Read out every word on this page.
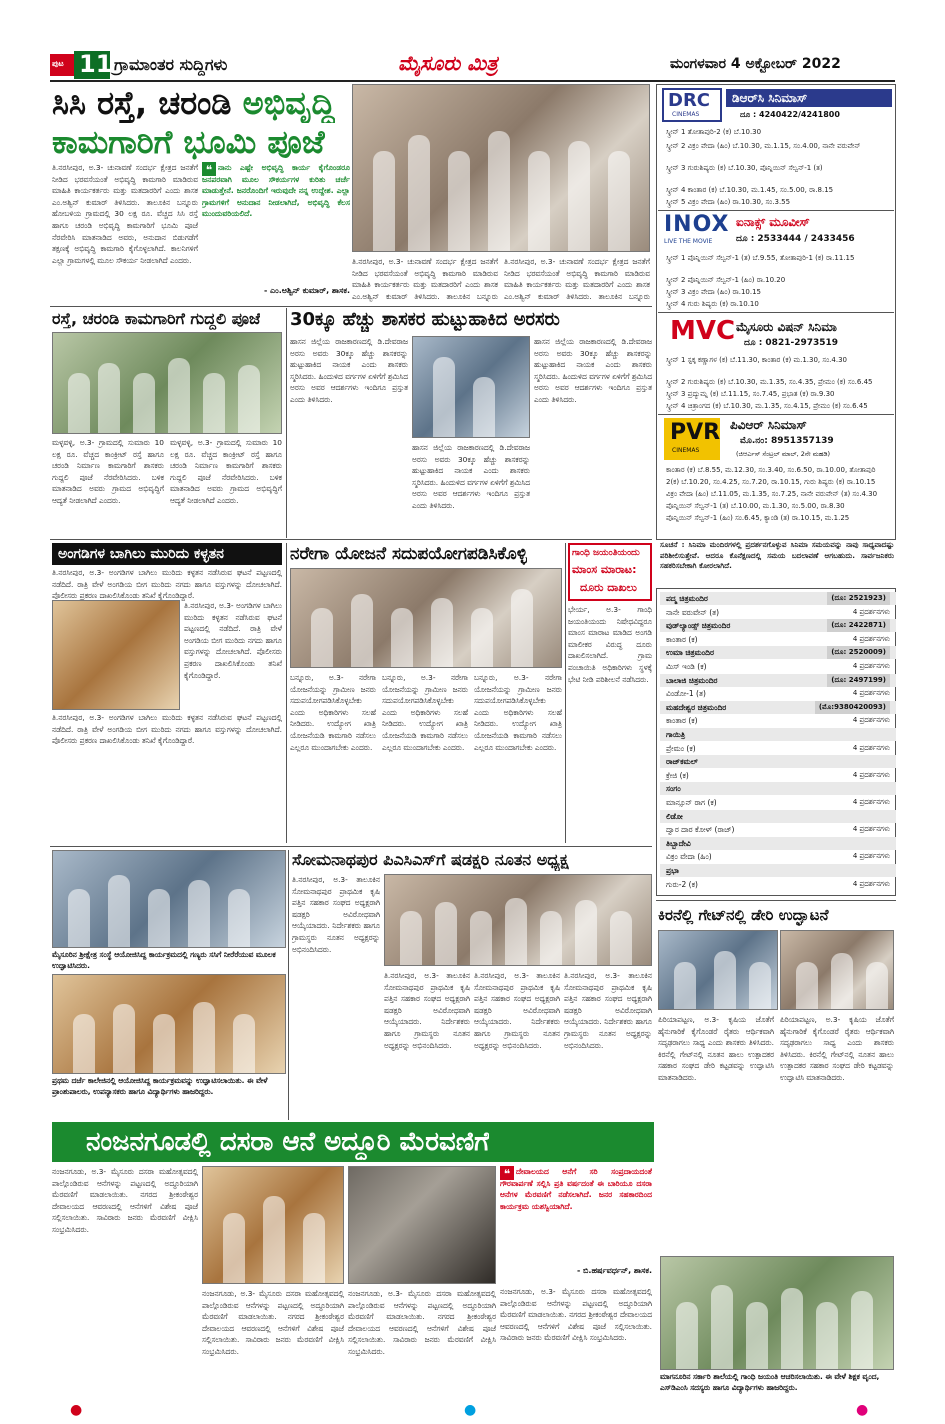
ಪುಟ 11 ಗ್ರಾಮಾಂತರ ಸುದ್ದಿಗಳು	ಮೈಸೂರು ಮಿತ್ರ	ಮಂಗಳವಾರ 4 ಅಕ್ಟೋಬರ್ 2022
ಸಿಸಿ ರಸ್ತೆ, ಚರಂಡಿ ಅಭಿವೃದ್ಧಿ
ಕಾಮಗಾರಿಗೆ ಭೂಮಿ ಪೂಜೆ
ತಿ.ನರಸೀಪುರ, ಅ.3- ಚುನಾವಣೆ ಸಂದರ್ಭ ಕ್ಷೇತ್ರದ ಜನತೆಗೆ ನೀಡಿದ ಭರವಸೆಯಂತೆ ಅಭಿವೃದ್ಧಿ ಕಾಮಗಾರಿ ಮಾಡಿರುವ ಮಾಹಿತಿ ಕಾರ್ಯಕರ್ತರು ಮತ್ತು ಮತದಾರರಿಗೆ ಎಂದು ಶಾಸಕ ಎಂ.ಅಶ್ವಿನ್ ಕುಮಾರ್ ತಿಳಿಸಿದರು. ತಾಲೂಕಿನ ಬನ್ನೂರು ಹೋಬಳಿಯ ಗ್ರಾಮದಲ್ಲಿ 30 ಲಕ್ಷ ರೂ. ವೆಚ್ಚದ ಸಿಸಿ ರಸ್ತೆ ಹಾಗೂ ಚರಂಡಿ ಅಭಿವೃದ್ಧಿ ಕಾಮಗಾರಿಗೆ ಭೂಮಿ ಪೂಜೆ ನೆರವೇರಿಸಿ ಮಾತನಾಡಿದ ಅವರು, ಅನುದಾನ ಬಿಡುಗಡೆಗೆ ತಕ್ಷಣಕ್ಕೆ ಅಭಿವೃದ್ಧಿ ಕಾಮಗಾರಿ ಕೈಗೊಳ್ಳಲಾಗಿದೆ. ಕಾಲನಿಗಳಿಗೆ ಎಲ್ಲಾ ಗ್ರಾಮಗಳಲ್ಲಿ ಮೂಲ ಸೌಕರ್ಯ ನೀಡಲಾಗಿದೆ ಎಂದರು.
❝ ನಾನು ಎಷ್ಟೇ ಅಭಿವೃದ್ಧಿ ಕಾರ್ಯ ಕೈಗೊಂಡರೂ ಜನಪರವಾಗಿ ಮೂಲ ಸೌಕರ್ಯಗಳ ಕುರಿತು ಚರ್ಚೆ ಮಾಡುತ್ತೇನೆ. ಜನರೊಂದಿಗೆ ಇರುವುದೇ ನನ್ನ ಉದ್ದೇಶ. ಎಲ್ಲಾ ಗ್ರಾಮಗಳಿಗೆ ಅನುದಾನ ನೀಡಲಾಗಿದೆ, ಅಭಿವೃದ್ಧಿ ಕೆಲಸ ಮುಂದುವರಿಯಲಿದೆ.
- ಎಂ.ಅಶ್ವಿನ್ ಕುಮಾರ್, ಶಾಸಕ.
ತಿ.ನರಸೀಪುರ, ಅ.3- ಚುನಾವಣೆ ಸಂದರ್ಭ ಕ್ಷೇತ್ರದ ಜನತೆಗೆ ನೀಡಿದ ಭರವಸೆಯಂತೆ ಅಭಿವೃದ್ಧಿ ಕಾಮಗಾರಿ ಮಾಡಿರುವ ಮಾಹಿತಿ ಕಾರ್ಯಕರ್ತರು ಮತ್ತು ಮತದಾರರಿಗೆ ಎಂದು ಶಾಸಕ ಎಂ.ಅಶ್ವಿನ್ ಕುಮಾರ್ ತಿಳಿಸಿದರು. ತಾಲೂಕಿನ ಬನ್ನೂರು
ತಿ.ನರಸೀಪುರ, ಅ.3- ಚುನಾವಣೆ ಸಂದರ್ಭ ಕ್ಷೇತ್ರದ ಜನತೆಗೆ ನೀಡಿದ ಭರವಸೆಯಂತೆ ಅಭಿವೃದ್ಧಿ ಕಾಮಗಾರಿ ಮಾಡಿರುವ ಮಾಹಿತಿ ಕಾರ್ಯಕರ್ತರು ಮತ್ತು ಮತದಾರರಿಗೆ ಎಂದು ಶಾಸಕ ಎಂ.ಅಶ್ವಿನ್ ಕುಮಾರ್ ತಿಳಿಸಿದರು. ತಾಲೂಕಿನ ಬನ್ನೂರು
ರಸ್ತೆ, ಚರಂಡಿ ಕಾಮಗಾರಿಗೆ ಗುದ್ದಲಿ ಪೂಜೆ
ಮಳ್ಳವಳ್ಳಿ, ಅ.3- ಗ್ರಾಮದಲ್ಲಿ ಸುಮಾರು 10 ಲಕ್ಷ ರೂ. ವೆಚ್ಚದ ಕಾಂಕ್ರೀಟ್ ರಸ್ತೆ ಹಾಗೂ ಚರಂಡಿ ನಿರ್ಮಾಣ ಕಾಮಗಾರಿಗೆ ಶಾಸಕರು ಗುದ್ದಲಿ ಪೂಜೆ ನೆರವೇರಿಸಿದರು. ಬಳಿಕ ಮಾತನಾಡಿದ ಅವರು ಗ್ರಾಮದ ಅಭಿವೃದ್ಧಿಗೆ ಆದ್ಯತೆ ನೀಡಲಾಗಿದೆ ಎಂದರು.
ಮಳ್ಳವಳ್ಳಿ, ಅ.3- ಗ್ರಾಮದಲ್ಲಿ ಸುಮಾರು 10 ಲಕ್ಷ ರೂ. ವೆಚ್ಚದ ಕಾಂಕ್ರೀಟ್ ರಸ್ತೆ ಹಾಗೂ ಚರಂಡಿ ನಿರ್ಮಾಣ ಕಾಮಗಾರಿಗೆ ಶಾಸಕರು ಗುದ್ದಲಿ ಪೂಜೆ ನೆರವೇರಿಸಿದರು. ಬಳಿಕ ಮಾತನಾಡಿದ ಅವರು ಗ್ರಾಮದ ಅಭಿವೃದ್ಧಿಗೆ ಆದ್ಯತೆ ನೀಡಲಾಗಿದೆ ಎಂದರು.
30ಕ್ಕೂ ಹೆಚ್ಚು ಶಾಸಕರ ಹುಟ್ಟುಹಾಕಿದ ಅರಸರು
ಹಾಸನ ಜಿಲ್ಲೆಯ ರಾಜಕಾರಣದಲ್ಲಿ ಡಿ.ದೇವರಾಜ ಅರಸು ಅವರು 30ಕ್ಕೂ ಹೆಚ್ಚು ಶಾಸಕರನ್ನು ಹುಟ್ಟುಹಾಕಿದ ನಾಯಕ ಎಂದು ಶಾಸಕರು ಸ್ಮರಿಸಿದರು. ಹಿಂದುಳಿದ ವರ್ಗಗಳ ಏಳಿಗೆಗೆ ಶ್ರಮಿಸಿದ ಅರಸು ಅವರ ಆದರ್ಶಗಳು ಇಂದಿಗೂ ಪ್ರಸ್ತುತ ಎಂದು ತಿಳಿಸಿದರು.
ಹಾಸನ ಜಿಲ್ಲೆಯ ರಾಜಕಾರಣದಲ್ಲಿ ಡಿ.ದೇವರಾಜ ಅರಸು ಅವರು 30ಕ್ಕೂ ಹೆಚ್ಚು ಶಾಸಕರನ್ನು ಹುಟ್ಟುಹಾಕಿದ ನಾಯಕ ಎಂದು ಶಾಸಕರು ಸ್ಮರಿಸಿದರು. ಹಿಂದುಳಿದ ವರ್ಗಗಳ ಏಳಿಗೆಗೆ ಶ್ರಮಿಸಿದ ಅರಸು ಅವರ ಆದರ್ಶಗಳು ಇಂದಿಗೂ ಪ್ರಸ್ತುತ ಎಂದು ತಿಳಿಸಿದರು.
ಹಾಸನ ಜಿಲ್ಲೆಯ ರಾಜಕಾರಣದಲ್ಲಿ ಡಿ.ದೇವರಾಜ ಅರಸು ಅವರು 30ಕ್ಕೂ ಹೆಚ್ಚು ಶಾಸಕರನ್ನು ಹುಟ್ಟುಹಾಕಿದ ನಾಯಕ ಎಂದು ಶಾಸಕರು ಸ್ಮರಿಸಿದರು. ಹಿಂದುಳಿದ ವರ್ಗಗಳ ಏಳಿಗೆಗೆ ಶ್ರಮಿಸಿದ ಅರಸು ಅವರ ಆದರ್ಶಗಳು ಇಂದಿಗೂ ಪ್ರಸ್ತುತ ಎಂದು ತಿಳಿಸಿದರು.
ಅಂಗಡಿಗಳ ಬಾಗಿಲು ಮುರಿದು ಕಳ್ಳತನ
ತಿ.ನರಸೀಪುರ, ಅ.3- ಅಂಗಡಿಗಳ ಬಾಗಿಲು ಮುರಿದು ಕಳ್ಳತನ ನಡೆಸಿರುವ ಘಟನೆ ಪಟ್ಟಣದಲ್ಲಿ ನಡೆದಿದೆ. ರಾತ್ರಿ ವೇಳೆ ಅಂಗಡಿಯ ಬೀಗ ಮುರಿದು ನಗದು ಹಾಗೂ ವಸ್ತುಗಳನ್ನು ದೋಚಲಾಗಿದೆ. ಪೊಲೀಸರು ಪ್ರಕರಣ ದಾಖಲಿಸಿಕೊಂಡು ತನಿಖೆ ಕೈಗೊಂಡಿದ್ದಾರೆ.
ತಿ.ನರಸೀಪುರ, ಅ.3- ಅಂಗಡಿಗಳ ಬಾಗಿಲು ಮುರಿದು ಕಳ್ಳತನ ನಡೆಸಿರುವ ಘಟನೆ ಪಟ್ಟಣದಲ್ಲಿ ನಡೆದಿದೆ. ರಾತ್ರಿ ವೇಳೆ ಅಂಗಡಿಯ ಬೀಗ ಮುರಿದು ನಗದು ಹಾಗೂ ವಸ್ತುಗಳನ್ನು ದೋಚಲಾಗಿದೆ. ಪೊಲೀಸರು ಪ್ರಕರಣ ದಾಖಲಿಸಿಕೊಂಡು ತನಿಖೆ ಕೈಗೊಂಡಿದ್ದಾರೆ.
ತಿ.ನರಸೀಪುರ, ಅ.3- ಅಂಗಡಿಗಳ ಬಾಗಿಲು ಮುರಿದು ಕಳ್ಳತನ ನಡೆಸಿರುವ ಘಟನೆ ಪಟ್ಟಣದಲ್ಲಿ ನಡೆದಿದೆ. ರಾತ್ರಿ ವೇಳೆ ಅಂಗಡಿಯ ಬೀಗ ಮುರಿದು ನಗದು ಹಾಗೂ ವಸ್ತುಗಳನ್ನು ದೋಚಲಾಗಿದೆ. ಪೊಲೀಸರು ಪ್ರಕರಣ ದಾಖಲಿಸಿಕೊಂಡು ತನಿಖೆ ಕೈಗೊಂಡಿದ್ದಾರೆ.
ನರೇಗಾ ಯೋಜನೆ ಸದುಪಯೋಗಪಡಿಸಿಕೊಳ್ಳಿ
ಬನ್ನೂರು, ಅ.3- ನರೇಗಾ ಯೋಜನೆಯನ್ನು ಗ್ರಾಮೀಣ ಜನರು ಸದುಪಯೋಗಪಡಿಸಿಕೊಳ್ಳಬೇಕು ಎಂದು ಅಧಿಕಾರಿಗಳು ಸಲಹೆ ನೀಡಿದರು. ಉದ್ಯೋಗ ಖಾತ್ರಿ ಯೋಜನೆಯಡಿ ಕಾಮಗಾರಿ ನಡೆಸಲು ಎಲ್ಲರೂ ಮುಂದಾಗಬೇಕು ಎಂದರು.
ಬನ್ನೂರು, ಅ.3- ನರೇಗಾ ಯೋಜನೆಯನ್ನು ಗ್ರಾಮೀಣ ಜನರು ಸದುಪಯೋಗಪಡಿಸಿಕೊಳ್ಳಬೇಕು ಎಂದು ಅಧಿಕಾರಿಗಳು ಸಲಹೆ ನೀಡಿದರು. ಉದ್ಯೋಗ ಖಾತ್ರಿ ಯೋಜನೆಯಡಿ ಕಾಮಗಾರಿ ನಡೆಸಲು ಎಲ್ಲರೂ ಮುಂದಾಗಬೇಕು ಎಂದರು.
ಬನ್ನೂರು, ಅ.3- ನರೇಗಾ ಯೋಜನೆಯನ್ನು ಗ್ರಾಮೀಣ ಜನರು ಸದುಪಯೋಗಪಡಿಸಿಕೊಳ್ಳಬೇಕು ಎಂದು ಅಧಿಕಾರಿಗಳು ಸಲಹೆ ನೀಡಿದರು. ಉದ್ಯೋಗ ಖಾತ್ರಿ ಯೋಜನೆಯಡಿ ಕಾಮಗಾರಿ ನಡೆಸಲು ಎಲ್ಲರೂ ಮುಂದಾಗಬೇಕು ಎಂದರು.
ಗಾಂಧಿ ಜಯಂತಿಯಂದು
ಮಾಂಸ ಮಾರಾಟ:
ದೂರು ದಾಖಲು
ಭೇರ್ಯ, ಅ.3- ಗಾಂಧಿ ಜಯಂತಿಯಂದು ನಿಷೇಧವಿದ್ದರೂ ಮಾಂಸ ಮಾರಾಟ ಮಾಡಿದ ಅಂಗಡಿ ಮಾಲೀಕರ ವಿರುದ್ಧ ದೂರು ದಾಖಲಿಸಲಾಗಿದೆ. ಗ್ರಾಮ ಪಂಚಾಯಿತಿ ಅಧಿಕಾರಿಗಳು ಸ್ಥಳಕ್ಕೆ ಭೇಟಿ ನೀಡಿ ಪರಿಶೀಲನೆ ನಡೆಸಿದರು.
ಮೈಸೂರಿನ ಶ್ರೀಕ್ಷೇತ್ರ ಸಂಸ್ಥೆ ಆಯೋಜಿಸಿದ್ದ ಕಾರ್ಯಕ್ರಮದಲ್ಲಿ ಗಣ್ಯರು ಸಸಿಗೆ ನೀರೆರೆಯುವ ಮೂಲಕ ಉದ್ಘಾಟಿಸಿದರು.
ಪ್ರಥಮ ದರ್ಜೆ ಕಾಲೇಜಿನಲ್ಲಿ ಆಯೋಜಿಸಿದ್ದ ಕಾರ್ಯಕ್ರಮವನ್ನು ಉದ್ಘಾಟಿಸಲಾಯಿತು. ಈ ವೇಳೆ ಪ್ರಾಂಶುಪಾಲರು, ಉಪನ್ಯಾಸಕರು ಹಾಗೂ ವಿದ್ಯಾರ್ಥಿಗಳು ಹಾಜರಿದ್ದರು.
ಸೋಮನಾಥಪುರ ಪಿಎಸಿಎಸ್‌ಗೆ ಷಡಕ್ಷರಿ ನೂತನ ಅಧ್ಯಕ್ಷ
ತಿ.ನರಸೀಪುರ, ಅ.3- ತಾಲೂಕಿನ ಸೋಮನಾಥಪುರ ಪ್ರಾಥಮಿಕ ಕೃಷಿ ಪತ್ತಿನ ಸಹಕಾರ ಸಂಘದ ಅಧ್ಯಕ್ಷರಾಗಿ ಷಡಕ್ಷರಿ ಅವಿರೋಧವಾಗಿ ಆಯ್ಕೆಯಾದರು. ನಿರ್ದೇಶಕರು ಹಾಗೂ ಗ್ರಾಮಸ್ಥರು ನೂತನ ಅಧ್ಯಕ್ಷರನ್ನು ಅಭಿನಂದಿಸಿದರು.
ತಿ.ನರಸೀಪುರ, ಅ.3- ತಾಲೂಕಿನ ಸೋಮನಾಥಪುರ ಪ್ರಾಥಮಿಕ ಕೃಷಿ ಪತ್ತಿನ ಸಹಕಾರ ಸಂಘದ ಅಧ್ಯಕ್ಷರಾಗಿ ಷಡಕ್ಷರಿ ಅವಿರೋಧವಾಗಿ ಆಯ್ಕೆಯಾದರು. ನಿರ್ದೇಶಕರು ಹಾಗೂ ಗ್ರಾಮಸ್ಥರು ನೂತನ ಅಧ್ಯಕ್ಷರನ್ನು ಅಭಿನಂದಿಸಿದರು.
ತಿ.ನರಸೀಪುರ, ಅ.3- ತಾಲೂಕಿನ ಸೋಮನಾಥಪುರ ಪ್ರಾಥಮಿಕ ಕೃಷಿ ಪತ್ತಿನ ಸಹಕಾರ ಸಂಘದ ಅಧ್ಯಕ್ಷರಾಗಿ ಷಡಕ್ಷರಿ ಅವಿರೋಧವಾಗಿ ಆಯ್ಕೆಯಾದರು. ನಿರ್ದೇಶಕರು ಹಾಗೂ ಗ್ರಾಮಸ್ಥರು ನೂತನ ಅಧ್ಯಕ್ಷರನ್ನು ಅಭಿನಂದಿಸಿದರು.
ತಿ.ನರಸೀಪುರ, ಅ.3- ತಾಲೂಕಿನ ಸೋಮನಾಥಪುರ ಪ್ರಾಥಮಿಕ ಕೃಷಿ ಪತ್ತಿನ ಸಹಕಾರ ಸಂಘದ ಅಧ್ಯಕ್ಷರಾಗಿ ಷಡಕ್ಷರಿ ಅವಿರೋಧವಾಗಿ ಆಯ್ಕೆಯಾದರು. ನಿರ್ದೇಶಕರು ಹಾಗೂ ಗ್ರಾಮಸ್ಥರು ನೂತನ ಅಧ್ಯಕ್ಷರನ್ನು ಅಭಿನಂದಿಸಿದರು.
ಕಿರನೆಲ್ಲಿ ಗೇಟ್‌ನಲ್ಲಿ ಡೇರಿ ಉದ್ಘಾಟನೆ
ಪಿರಿಯಾಪಟ್ಟಣ, ಅ.3- ಕೃಷಿಯ ಜೊತೆಗೆ ಹೈನುಗಾರಿಕೆ ಕೈಗೊಂಡರೆ ರೈತರು ಆರ್ಥಿಕವಾಗಿ ಸದೃಢರಾಗಲು ಸಾಧ್ಯ ಎಂದು ಶಾಸಕರು ತಿಳಿಸಿದರು. ಕಿರನೆಲ್ಲಿ ಗೇಟ್‌ನಲ್ಲಿ ನೂತನ ಹಾಲು ಉತ್ಪಾದಕರ ಸಹಕಾರ ಸಂಘದ ಡೇರಿ ಕಟ್ಟಡವನ್ನು ಉದ್ಘಾಟಿಸಿ ಮಾತನಾಡಿದರು.
ಪಿರಿಯಾಪಟ್ಟಣ, ಅ.3- ಕೃಷಿಯ ಜೊತೆಗೆ ಹೈನುಗಾರಿಕೆ ಕೈಗೊಂಡರೆ ರೈತರು ಆರ್ಥಿಕವಾಗಿ ಸದೃಢರಾಗಲು ಸಾಧ್ಯ ಎಂದು ಶಾಸಕರು ತಿಳಿಸಿದರು. ಕಿರನೆಲ್ಲಿ ಗೇಟ್‌ನಲ್ಲಿ ನೂತನ ಹಾಲು ಉತ್ಪಾದಕರ ಸಹಕಾರ ಸಂಘದ ಡೇರಿ ಕಟ್ಟಡವನ್ನು ಉದ್ಘಾಟಿಸಿ ಮಾತನಾಡಿದರು.
ನಂಜನಗೂಡಲ್ಲಿ ದಸರಾ ಆನೆ ಅದ್ಧೂರಿ ಮೆರವಣಿಗೆ
ನಂಜನಗೂಡು, ಅ.3- ಮೈಸೂರು ದಸರಾ ಮಹೋತ್ಸವದಲ್ಲಿ ಪಾಲ್ಗೊಂಡಿರುವ ಆನೆಗಳನ್ನು ಪಟ್ಟಣದಲ್ಲಿ ಅದ್ಧೂರಿಯಾಗಿ ಮೆರವಣಿಗೆ ಮಾಡಲಾಯಿತು. ನಗರದ ಶ್ರೀಕಂಠೇಶ್ವರ ದೇವಾಲಯದ ಆವರಣದಲ್ಲಿ ಆನೆಗಳಿಗೆ ವಿಶೇಷ ಪೂಜೆ ಸಲ್ಲಿಸಲಾಯಿತು. ಸಾವಿರಾರು ಜನರು ಮೆರವಣಿಗೆ ವೀಕ್ಷಿಸಿ ಸಂಭ್ರಮಿಸಿದರು.
ನಂಜನಗೂಡು, ಅ.3- ಮೈಸೂರು ದಸರಾ ಮಹೋತ್ಸವದಲ್ಲಿ ಪಾಲ್ಗೊಂಡಿರುವ ಆನೆಗಳನ್ನು ಪಟ್ಟಣದಲ್ಲಿ ಅದ್ಧೂರಿಯಾಗಿ ಮೆರವಣಿಗೆ ಮಾಡಲಾಯಿತು. ನಗರದ ಶ್ರೀಕಂಠೇಶ್ವರ ದೇವಾಲಯದ ಆವರಣದಲ್ಲಿ ಆನೆಗಳಿಗೆ ವಿಶೇಷ ಪೂಜೆ ಸಲ್ಲಿಸಲಾಯಿತು. ಸಾವಿರಾರು ಜನರು ಮೆರವಣಿಗೆ ವೀಕ್ಷಿಸಿ ಸಂಭ್ರಮಿಸಿದರು.
ನಂಜನಗೂಡು, ಅ.3- ಮೈಸೂರು ದಸರಾ ಮಹೋತ್ಸವದಲ್ಲಿ ಪಾಲ್ಗೊಂಡಿರುವ ಆನೆಗಳನ್ನು ಪಟ್ಟಣದಲ್ಲಿ ಅದ್ಧೂರಿಯಾಗಿ ಮೆರವಣಿಗೆ ಮಾಡಲಾಯಿತು. ನಗರದ ಶ್ರೀಕಂಠೇಶ್ವರ ದೇವಾಲಯದ ಆವರಣದಲ್ಲಿ ಆನೆಗಳಿಗೆ ವಿಶೇಷ ಪೂಜೆ ಸಲ್ಲಿಸಲಾಯಿತು. ಸಾವಿರಾರು ಜನರು ಮೆರವಣಿಗೆ ವೀಕ್ಷಿಸಿ ಸಂಭ್ರಮಿಸಿದರು.
❝ ದೇವಾಲಯದ ಆನೆಗೆ ಸರಿ ಸಂಪ್ರದಾಯದಂತೆ ಗೌರವಾರ್ಪಣೆ ಸಲ್ಲಿಸಿ ಪ್ರತಿ ವರ್ಷದಂತೆ ಈ ಬಾರಿಯೂ ದಸರಾ ಆನೆಗಳ ಮೆರವಣಿಗೆ ನಡೆಸಲಾಗಿದೆ. ಜನರ ಸಹಕಾರದಿಂದ ಕಾರ್ಯಕ್ರಮ ಯಶಸ್ವಿಯಾಗಿದೆ.
- ಬಿ.ಹರ್ಷವರ್ಧನ್, ಶಾಸಕ.
ನಂಜನಗೂಡು, ಅ.3- ಮೈಸೂರು ದಸರಾ ಮಹೋತ್ಸವದಲ್ಲಿ ಪಾಲ್ಗೊಂಡಿರುವ ಆನೆಗಳನ್ನು ಪಟ್ಟಣದಲ್ಲಿ ಅದ್ಧೂರಿಯಾಗಿ ಮೆರವಣಿಗೆ ಮಾಡಲಾಯಿತು. ನಗರದ ಶ್ರೀಕಂಠೇಶ್ವರ ದೇವಾಲಯದ ಆವರಣದಲ್ಲಿ ಆನೆಗಳಿಗೆ ವಿಶೇಷ ಪೂಜೆ ಸಲ್ಲಿಸಲಾಯಿತು. ಸಾವಿರಾರು ಜನರು ಮೆರವಣಿಗೆ ವೀಕ್ಷಿಸಿ ಸಂಭ್ರಮಿಸಿದರು.
DRC
CINEMAS
ಡಿಆರ್‌ಸಿ ಸಿನಿಮಾಸ್
ದೂ : 4240422/4241800
ಸ್ಕ್ರೀನ್ 1 ತೋತಾಪುರಿ-2 (ಕ) ಬೆ.10.30
ಸ್ಕ್ರೀನ್ 2 ವಿಕ್ರಂ ವೇದಾ (ಹಿಂ) ಬೆ.10.30, ಮ.1.15, ಸಂ.4.00, ನಾನೇ ವರುವೇನ್
ಸ್ಕ್ರೀನ್ 3 ಗುರುಶಿಷ್ಯರು (ಕ) ಬೆ.10.30, ಪೊನ್ನಿಯಿನ್ ಸೆಲ್ವನ್-1 (ತ)
ಸ್ಕ್ರೀನ್ 4 ಕಾಂತಾರ (ಕ) ಬೆ.10.30, ಮ.1.45, ಸಂ.5.00, ರಾ.8.15
ಸ್ಕ್ರೀನ್ 5 ವಿಕ್ರಂ ವೇದಾ (ಹಿಂ) ರಾ.10.30, ಸಂ.3.55
INOX
LIVE THE MOVIE
ಐನಾಕ್ಸ್ ಮೂವೀಸ್
ದೂ : 2533444 / 2433456
ಸ್ಕ್ರೀನ್ 1 ಪೊನ್ನಿಯಿನ್ ಸೆಲ್ವನ್-1 (ತ) ಬೆ.9.55, ತೋತಾಪುರಿ-1 (ಕ) ರಾ.11.15
ಸ್ಕ್ರೀನ್ 2 ಪೊನ್ನಿಯಿನ್ ಸೆಲ್ವನ್-1 (ಹಿಂ) ರಾ.10.20
ಸ್ಕ್ರೀನ್ 3 ವಿಕ್ರಂ ವೇದಾ (ಹಿಂ) ರಾ.10.15
ಸ್ಕ್ರೀನ್ 4 ಗುರು ಶಿಷ್ಯರು (ಕ) ರಾ.10.10
MVC ಮೈಸೂರು ವಿಷನ್ ಸಿನಿಮಾ
ದೂ : 0821-2973519
ಸ್ಕ್ರೀನ್ 1 ಸ್ಟಕ್ಕ ಕಣ್ಣಾಗಳ (ಕ) ಬೆ.11.30, ಕಾಂತಾರ (ಕ) ಮ.1.30, ಸಂ.4.30
ಸ್ಕ್ರೀನ್ 2 ಗುರುಶಿಷ್ಯರು (ಕ) ಬೆ.10.30, ಮ.1.35, ಸಂ.4.35, ಪ್ರೇಮಂ (ಕ) ಸಂ.6.45
ಸ್ಕ್ರೀನ್ 3 ಪ್ರದ್ಯುಮ್ನ (ಕ) ಬೆ.11.15, ಸಂ.7.45, ಪ್ರಭಾತ (ಕ) ರಾ.9.30
ಸ್ಕ್ರೀನ್ 4 ಚಿತ್ರಾಂಗದ (ಕ) ಬೆ.10.30, ಮ.1.35, ಸಂ.4.15, ಪ್ರೇಮಂ (ಕ) ಸಂ.6.45
PVR
CINEMAS
ಪಿವಿಆರ್ ಸಿನಿಮಾಸ್
ಮೊ.ನಂ: 8951357139
(ಜಿಆರ್ಎಸ್ ಸೆಂಟ್ರಲ್ ಮಾಲ್, 2ನೇ ಮಹಡಿ)
ಕಾಂತಾರ (ಕ) ಬೆ.8.55, ಮ.12.30, ಸಂ.3.40, ಸಂ.6.50, ರಾ.10.00, ತೋತಾಪುರಿ
2(ಕ) ಬೆ.10.20, ಸಂ.4.25, ಸಂ.7.20, ರಾ.10.15, ಗುರು ಶಿಷ್ಯರು (ಕ) ರಾ.10.15
ವಿಕ್ರಂ ವೇದಾ (ಹಿಂ) ಬೆ.11.05, ಮ.1.35, ಸಂ.7.25, ನಾನೇ ವರುವೇನ್ (ತ) ಸಂ.4.30
ಪೊನ್ನಿಯಿನ್ ಸೆಲ್ವನ್-1 (ತ) ಬೆ.10.00, ಮ.1.30, ಸಂ.5.00, ರಾ.8.30
ಪೊನ್ನಿಯಿನ್ ಸೆಲ್ವನ್-1 (ಹಿಂ) ಸಂ.6.45, ಕ್ಯಾಂಡಿ (ತ) ರಾ.10.15, ಮ.1.25
ಸೂಚನೆ : ಸಿನಿಮಾ ಮಂದಿರಗಳಲ್ಲಿ ಪ್ರದರ್ಶನಗೊಳ್ಳುವ ಸಿನಿಮಾ ಸಮಯವನ್ನು ನಾವು ಸಾಧ್ಯವಾದಷ್ಟು ಪರಿಶೀಲಿಸುತ್ತೇವೆ. ಆದರೂ ಕೊನೆಕ್ಷಣದಲ್ಲಿ ಸಮಯ ಬದಲಾವಣೆ ಆಗಬಹುದು. ಸಾರ್ವಜನಿಕರು ಸಹಕರಿಸಬೇಕಾಗಿ ಕೋರಲಾಗಿದೆ.
ಪದ್ಮ ಚಿತ್ರಮಂದಿರ	(ದೂ: 2521923)
ನಾನೇ ವರುವೇನ್ (ತ)	4 ಪ್ರದರ್ಶನಗಳು
ವುಡ್‌ಲ್ಯಾಂಡ್ಸ್ ಚಿತ್ರಮಂದಿರ	(ದೂ: 2422871)
ಕಾಂತಾರ (ಕ)	4 ಪ್ರದರ್ಶನಗಳು
ಉಮಾ ಚಿತ್ರಮಂದಿರ	(ದೂ: 2520009)
ಮಿಸ್ ಇಂಡಿ (ಕ)	4 ಪ್ರದರ್ಶನಗಳು
ಬಾಲಾಜಿ ಚಿತ್ರಮಂದಿರ	(ದೂ: 2497199)
ವಿಂಡೋ-1 (ತ)	4 ಪ್ರದರ್ಶನಗಳು
ಮಹದೇಶ್ವರ ಚಿತ್ರಮಂದಿರ	(ಮೊ:9380420093)
ಕಾಂತಾರ (ಕ)	4 ಪ್ರದರ್ಶನಗಳು
ಗಾಯಿತ್ರಿ
ಪ್ರೇಮಂ (ಕ)	4 ಪ್ರದರ್ಶನಗಳು
ರಾಜ್‌ಕಮಲ್
ಕ್ರೇಜಿ (ಕ)	4 ಪ್ರದರ್ಶನಗಳು
ಸಂಗಂ
ಮಾನ್ಸೂನ್ ರಾಗ (ಕ)	4 ಪ್ರದರ್ಶನಗಳು
ಲಿಡೋ
ದ್ವಾರ ದಾರ ಕೋಳ್ (ರಾಜ್)	4 ಪ್ರದರ್ಶನಗಳು
ತಿಬ್ಬಾದೇವಿ
ವಿಕ್ರಂ ವೇದಾ (ಹಿಂ)	4 ಪ್ರದರ್ಶನಗಳು
ಪ್ರಭಾ
ಗುರು-2 (ಕ)	4 ಪ್ರದರ್ಶನಗಳು
ಮಾಗನೂರಿನ ಸರ್ಕಾರಿ ಶಾಲೆಯಲ್ಲಿ ಗಾಂಧಿ ಜಯಂತಿ ಆಚರಿಸಲಾಯಿತು. ಈ ವೇಳೆ ಶಿಕ್ಷಕ ವೃಂದ, ಎಸ್‌ಡಿಎಂಸಿ ಸದಸ್ಯರು ಹಾಗೂ ವಿದ್ಯಾರ್ಥಿಗಳು ಹಾಜರಿದ್ದರು.
●	●	●
